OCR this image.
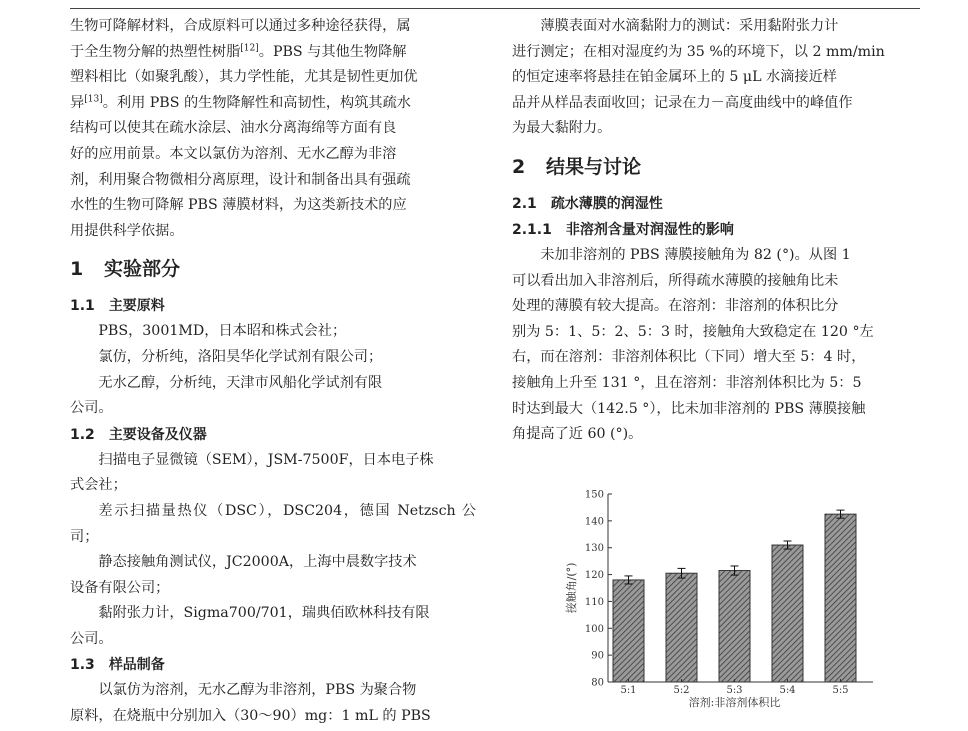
生物可降解材料，合成原料可以通过多种途径获得，属
于全生物分解的热塑性树脂[12]。PBS 与其他生物降解
塑料相比（如聚乳酸），其力学性能，尤其是韧性更加优
异[13]。利用 PBS 的生物降解性和高韧性，构筑其疏水
结构可以使其在疏水涂层、油水分离海绵等方面有良
好的应用前景。本文以氯仿为溶剂、无水乙醇为非溶
剂，利用聚合物微相分离原理，设计和制备出具有强疏
水性的生物可降解 PBS 薄膜材料，为这类新技术的应
用提供科学依据。

1 实验部分
1.1 主要原料

PBS，3001MD，日本昭和株式会社；

氯仿，分析纯，洛阳昊华化学试剂有限公司；

无水乙醇，分析纯，天津市风船化学试剂有限
公司。

1.2 主要设备及仪器

扫描电子显微镜（SEM），JSM-7500F，日本电子株
式会社；

差示扫描量热仪（DSC），DSC204，德国 Netzsch 公司；

静态接触角测试仪，JC2000A，上海中晨数字技术
设备有限公司；

黏附张力计，Sigma700/701，瑞典佰欧林科技有限
公司。

1.3 样品制备

以氯仿为溶剂，无水乙醇为非溶剂，PBS 为聚合物
原料，在烧瓶中分别加入（30～90）mg：1 mL 的 PBS

薄膜表面对水滴黏附力的测试：采用黏附张力计
进行测定；在相对湿度约为 35 %的环境下，以 2 mm/min
的恒定速率将悬挂在铂金属环上的 5 μL 水滴接近样
品并从样品表面收回；记录在力－高度曲线中的峰值作
为最大黏附力。

2 结果与讨论
2.1 疏水薄膜的润湿性
2.1.1 非溶剂含量对润湿性的影响

未加非溶剂的 PBS 薄膜接触角为 82 (°)。从图 1
可以看出加入非溶剂后，所得疏水薄膜的接触角比未
处理的薄膜有较大提高。在溶剂：非溶剂的体积比分
别为 5：1、5：2、5：3 时，接触角大致稳定在 120 °左
右，而在溶剂：非溶剂体积比（下同）增大至 5：4 时，
接触角上升至 131 °，且在溶剂：非溶剂体积比为 5：5
时达到最大（142.5 °），比未加非溶剂的 PBS 薄膜接触
角提高了近 60 (°)。

80
90
100
110
120
130
140
150
接触角/(°)
5:1	5:2	5:3	5:4	5:5
溶剂:非溶剂体积比
